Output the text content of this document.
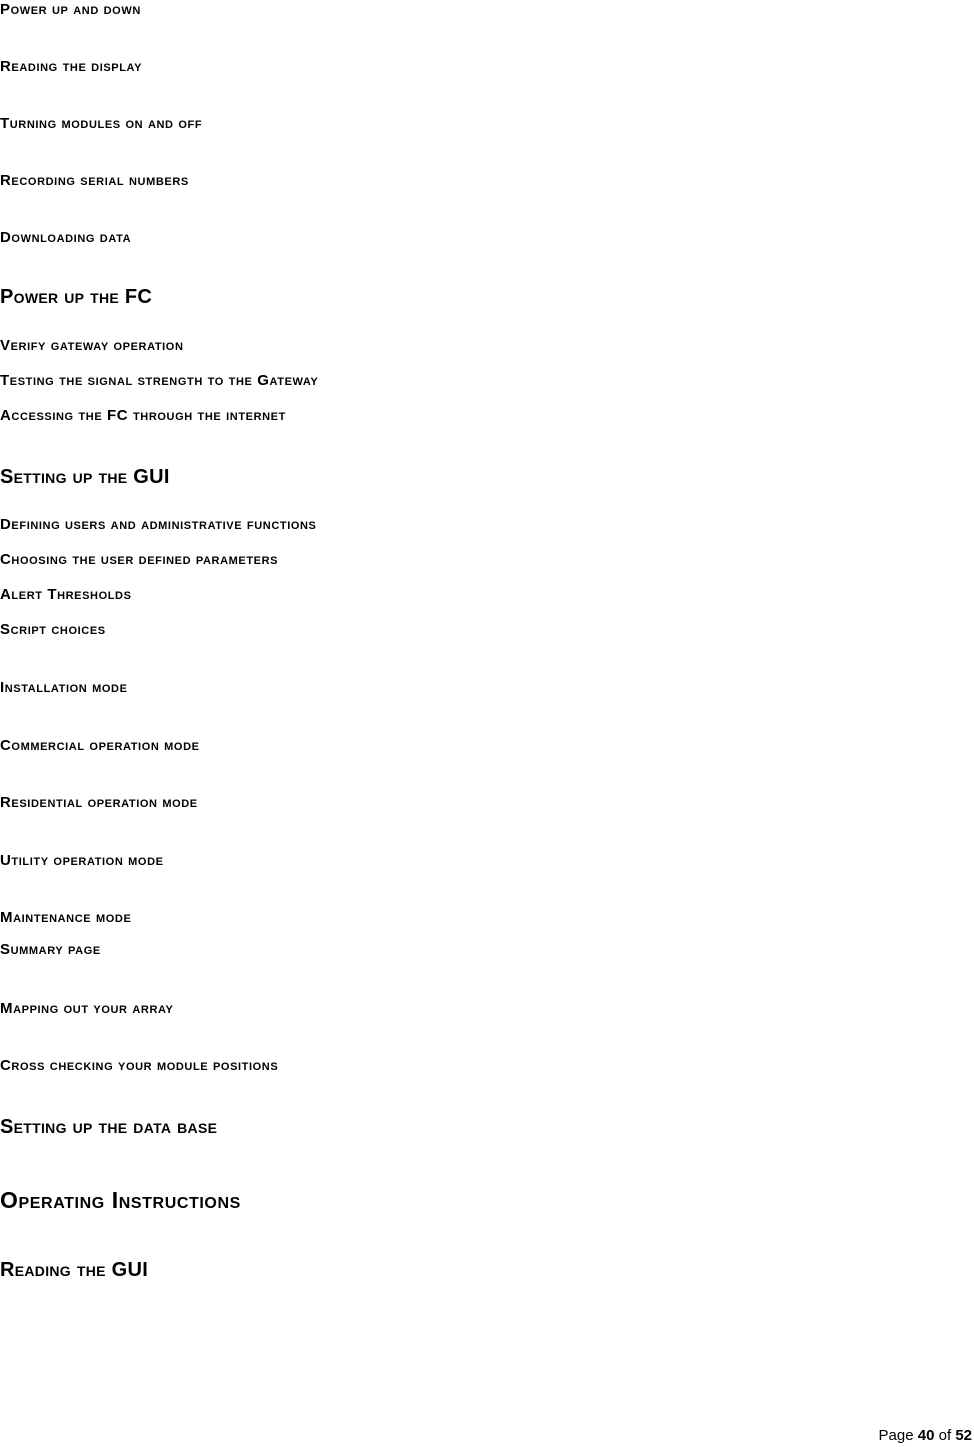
Power up and down
Reading the display
Turning modules on and off
Recording serial numbers
Downloading data
Power up the FC
Verify gateway operation
Testing the signal strength to the Gateway
Accessing the FC through the internet
Setting up the GUI
Defining users and administrative functions
Choosing the user defined parameters
Alert Thresholds
Script choices
Installation mode
Commercial operation mode
Residential operation mode
Utility operation mode
Maintenance mode
Summary page
Mapping out your array
Cross checking your module positions
Setting up the data base
Operating Instructions
Reading the GUI
Page 40 of 52
